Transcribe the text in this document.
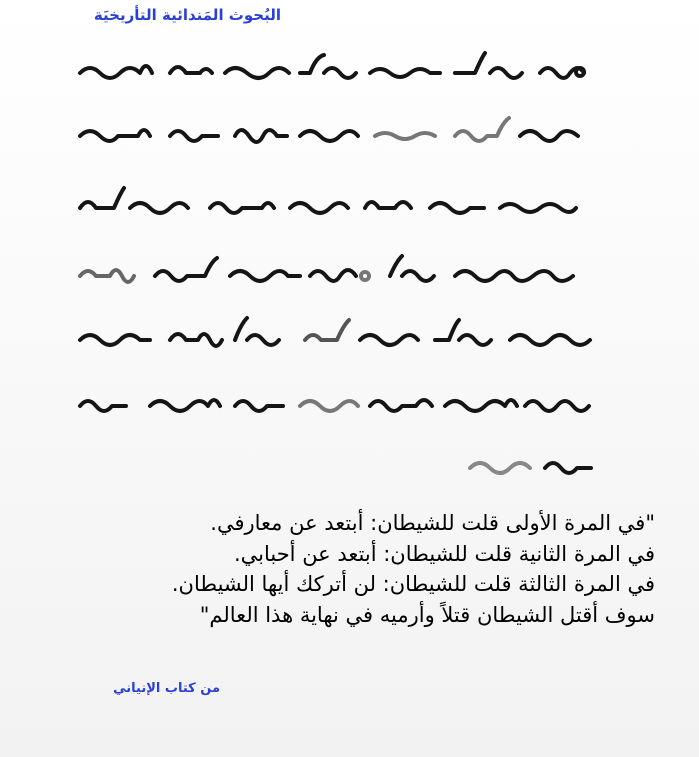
البُحوث المَندائية التأريخيَة
"في المرة الأولى قلت للشيطان: أبتعد عن معارفي.
في المرة الثانية قلت للشيطان: أبتعد عن أحبابي.
في المرة الثالثة قلت للشيطان: لن أتركك أيها الشيطان.
سوف أقتل الشيطان قتلاً وأرميه في نهاية هذا العالم"
من كتاب الإنياني
